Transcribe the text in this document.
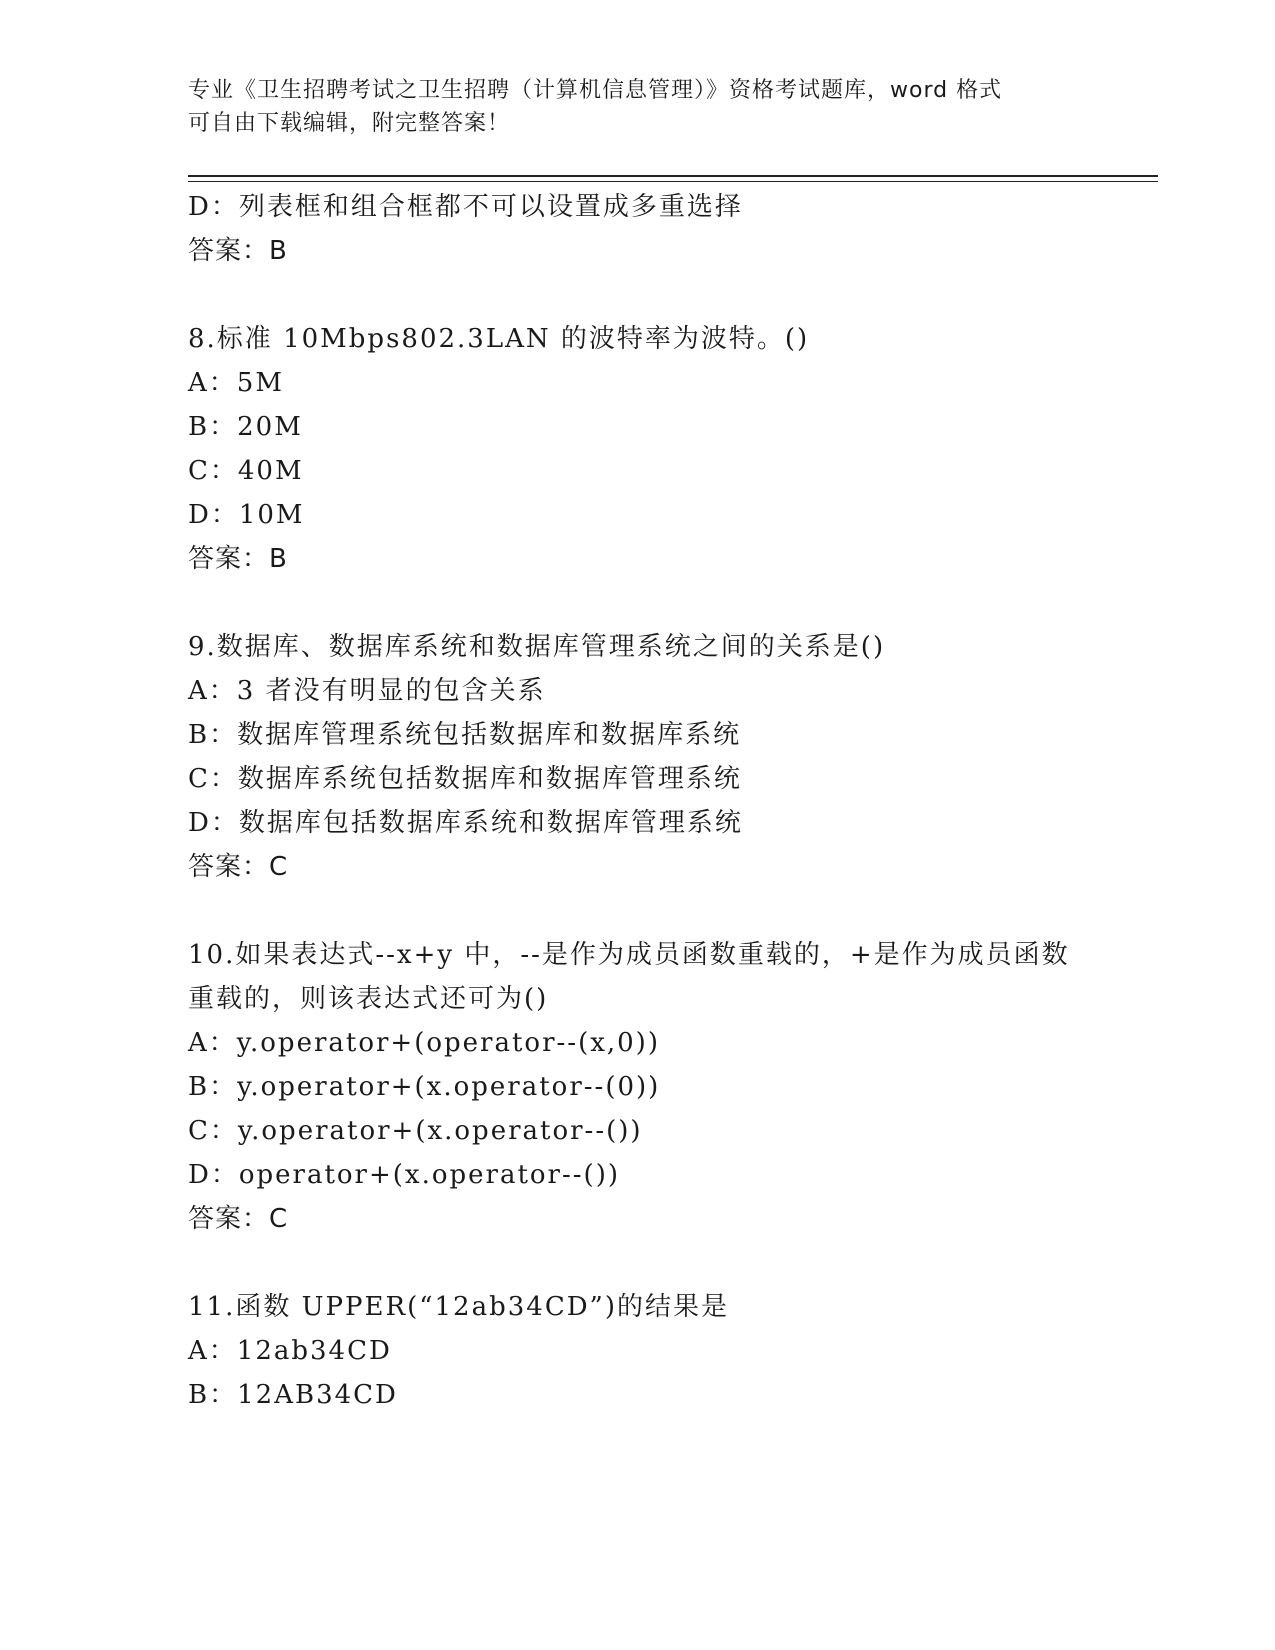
专业《卫生招聘考试之卫生招聘（计算机信息管理）》资格考试题库，word 格式
可自由下载编辑，附完整答案！
D：列表框和组合框都不可以设置成多重选择
答案：B
8.标准 10Mbps802.3LAN 的波特率为波特。()
A：5M
B：20M
C：40M
D：10M
答案：B
9.数据库、数据库系统和数据库管理系统之间的关系是()
A：3 者没有明显的包含关系
B：数据库管理系统包括数据库和数据库系统
C：数据库系统包括数据库和数据库管理系统
D：数据库包括数据库系统和数据库管理系统
答案：C
10.如果表达式--x+y 中，--是作为成员函数重载的，+是作为成员函数
重载的，则该表达式还可为()
A：y.operator+(operator--(x,0))
B：y.operator+(x.operator--(0))
C：y.operator+(x.operator--())
D：operator+(x.operator--())
答案：C
11.函数 UPPER(“12ab34CD”)的结果是
A：12ab34CD
B：12AB34CD
